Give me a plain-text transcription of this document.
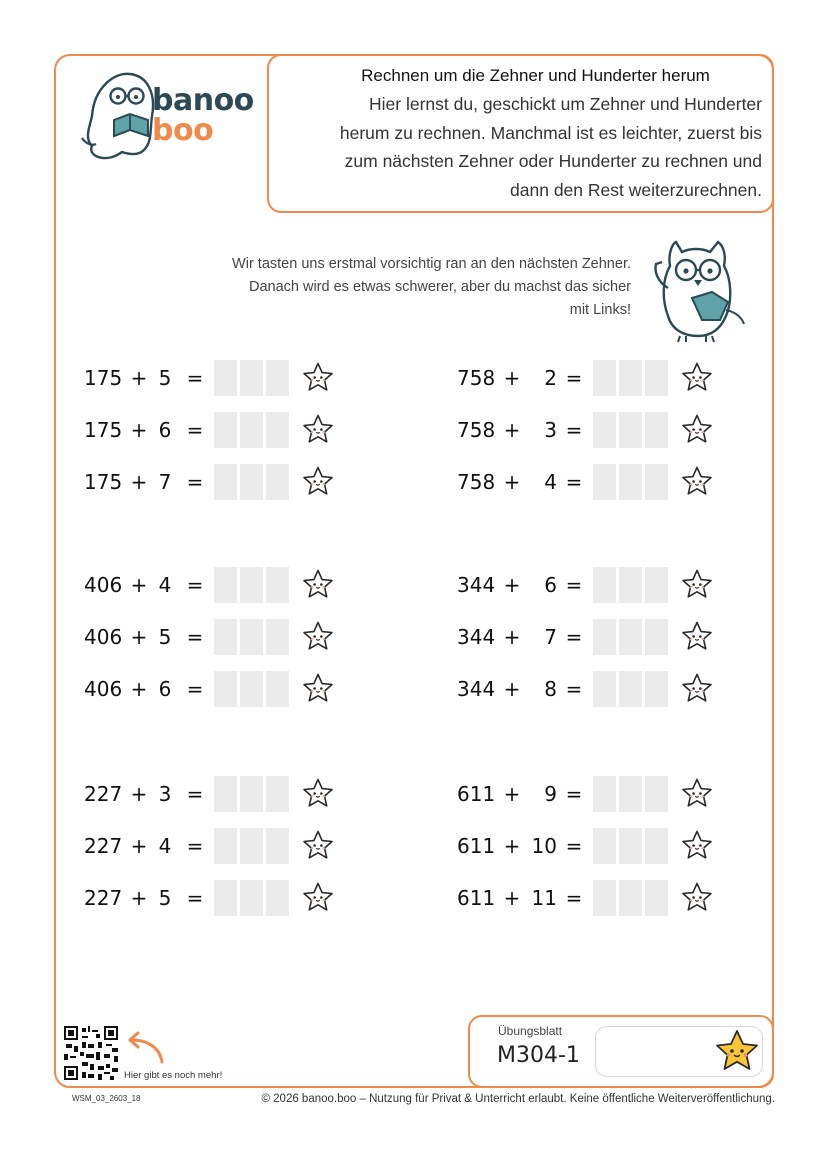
banoo
boo
Rechnen um die Zehner und Hunderter herum
Hier lernst du, geschickt um Zehner und Hunderter
herum zu rechnen. Manchmal ist es leichter, zuerst bis
zum nächsten Zehner oder Hunderter zu rechnen und
dann den Rest weiterzurechnen.
Wir tasten uns erstmal vorsichtig ran an den nächsten Zehner.
Danach wird es etwas schwerer, aber du machst das sicher
mit Links!
175 + 5 =
175 + 6 =
175 + 7 =
406 + 4 =
406 + 5 =
406 + 6 =
227 + 3 =
227 + 4 =
227 + 5 =
758 +	2 =
758 +	3 =
758 +	4 =
344 +	6 =
344 +	7 =
344 +	8 =
611 +	9 =
611 + 10 =
611 + 11 =
Hier gibt es noch mehr!
Übungsblatt
M304-1
WSM_03_2603_18	© 2026 banoo.boo – Nutzung für Privat & Unterricht erlaubt. Keine öffentliche Weiterveröffentlichung.
